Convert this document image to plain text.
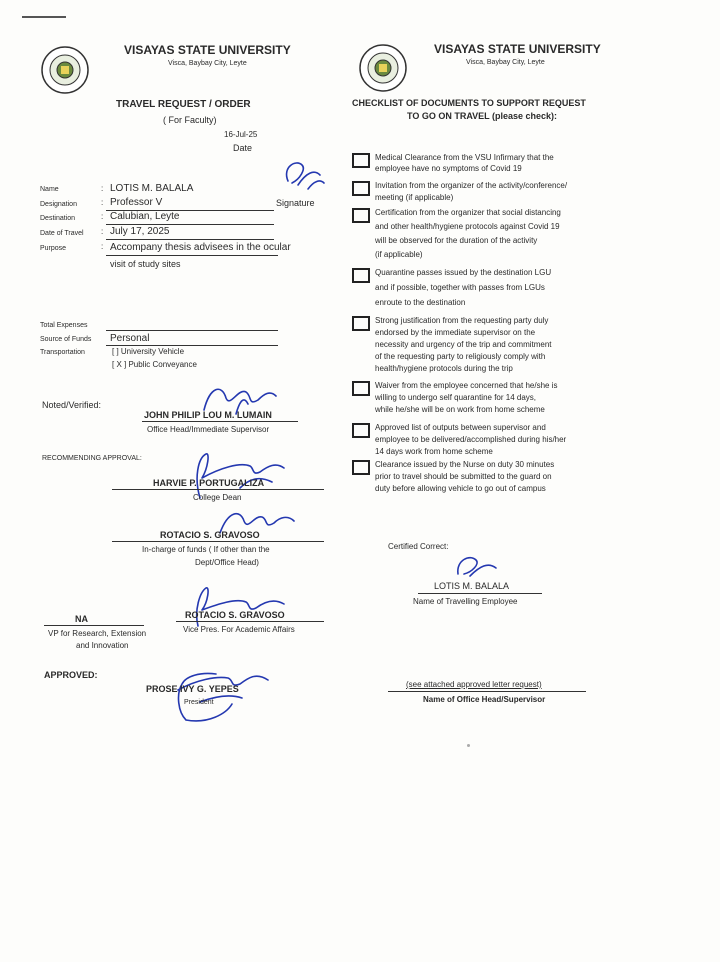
VISAYAS STATE UNIVERSITY
Visca, Baybay City, Leyte
TRAVEL REQUEST / ORDER
( For Faculty)
16-Jul-25
Date
Signature
Name	: LOTIS M. BALALA
Designation	: Professor V
Destination	: Calubian, Leyte
Date of Travel : July 17, 2025
Purpose	: Accompany thesis advisees in the ocular
visit of study sites
Total Expenses
Source of Funds Personal
Transportation	[ ] University Vehicle
[ X ] Public Conveyance
Noted/Verified:
JOHN PHILIP LOU M. LUMAIN
Office Head/Immediate Supervisor
RECOMMENDING APPROVAL:
HARVIE P. PORTUGALIZA
College Dean
ROTACIO S. GRAVOSO
In-charge of funds ( If other than the
Dept/Office Head)
NA
VP for Research, Extension
and Innovation
ROTACIO S. GRAVOSO
Vice Pres. For Academic Affairs
APPROVED:
PROSE IVY G. YEPES
President
VISAYAS STATE UNIVERSITY
Visca, Baybay City, Leyte
CHECKLIST OF DOCUMENTS TO SUPPORT REQUEST
TO GO ON TRAVEL (please check):
Medical Clearance from the VSU Infirmary that the
employee have no symptoms of Covid 19
Invitation from the organizer of the activity/conference/
meeting (if applicable)
Certification from the organizer that social distancing
and other health/hygiene protocols against Covid 19
will be observed for the duration of the activity
(if applicable)
Quarantine passes issued by the destination LGU
and if possible, together with passes from LGUs
enroute to the destination
Strong justification from the requesting party duly
endorsed by the immediate supervisor on the
necessity and urgency of the trip and commitment
of the requesting party to religiously comply with
health/hygiene protocols during the trip
Waiver from the employee concerned that he/she is
willing to undergo self quarantine for 14 days,
while he/she will be on work from home scheme
Approved list of outputs between supervisor and
employee to be delivered/accomplished during his/her
14 days work from home scheme
Clearance issued by the Nurse on duty 30 minutes
prior to travel should be submitted to the guard on
duty before allowing vehicle to go out of campus
Certified Correct:
LOTIS M. BALALA
Name of Travelling Employee
(see attached approved letter request)
Name of Office Head/Supervisor
